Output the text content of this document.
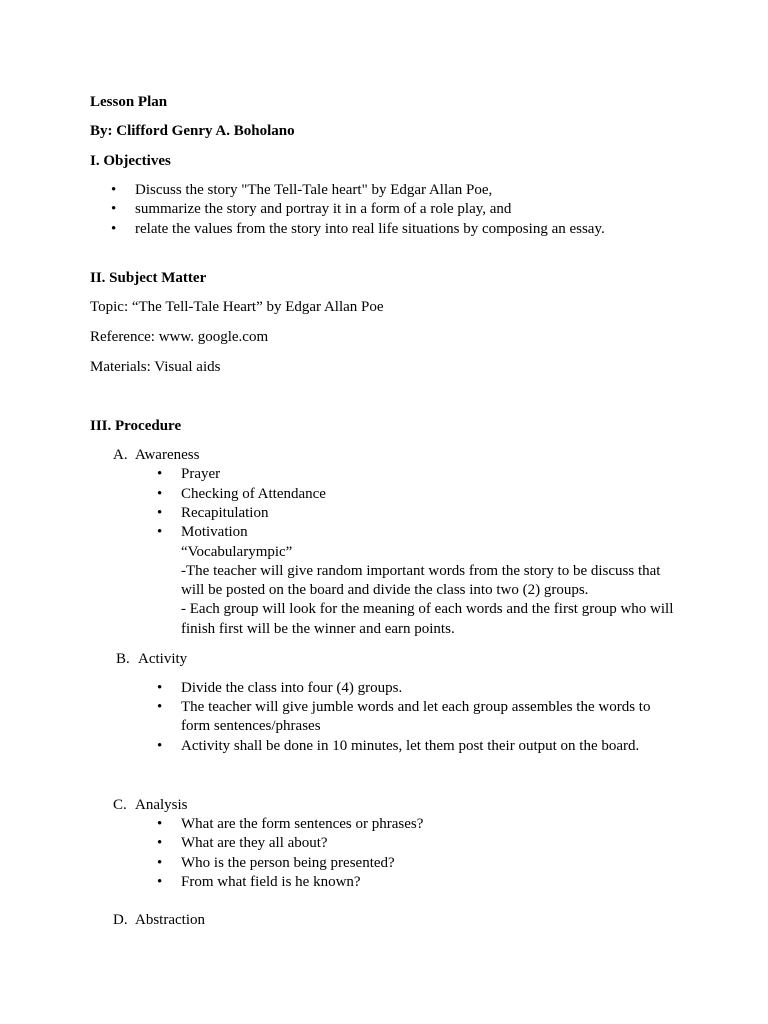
Lesson Plan
By: Clifford Genry A. Boholano
I. Objectives
• Discuss the story "The Tell-Tale heart" by Edgar Allan Poe,
• summarize the story and portray it in a form of a role play, and
• relate the values from the story into real life situations by composing an essay.
II. Subject Matter
Topic: “The Tell-Tale Heart” by Edgar Allan Poe
Reference: www. google.com
Materials: Visual aids
III. Procedure
A. Awareness
• Prayer
• Checking of Attendance
• Recapitulation
• Motivation
“Vocabularympic”
-The teacher will give random important words from the story to be discuss that
will be posted on the board and divide the class into two (2) groups.
- Each group will look for the meaning of each words and the first group who will
finish first will be the winner and earn points.
B. Activity
• Divide the class into four (4) groups.
• The teacher will give jumble words and let each group assembles the words to
form sentences/phrases
• Activity shall be done in 10 minutes, let them post their output on the board.
C. Analysis
• What are the form sentences or phrases?
• What are they all about?
• Who is the person being presented?
• From what field is he known?
D. Abstraction
